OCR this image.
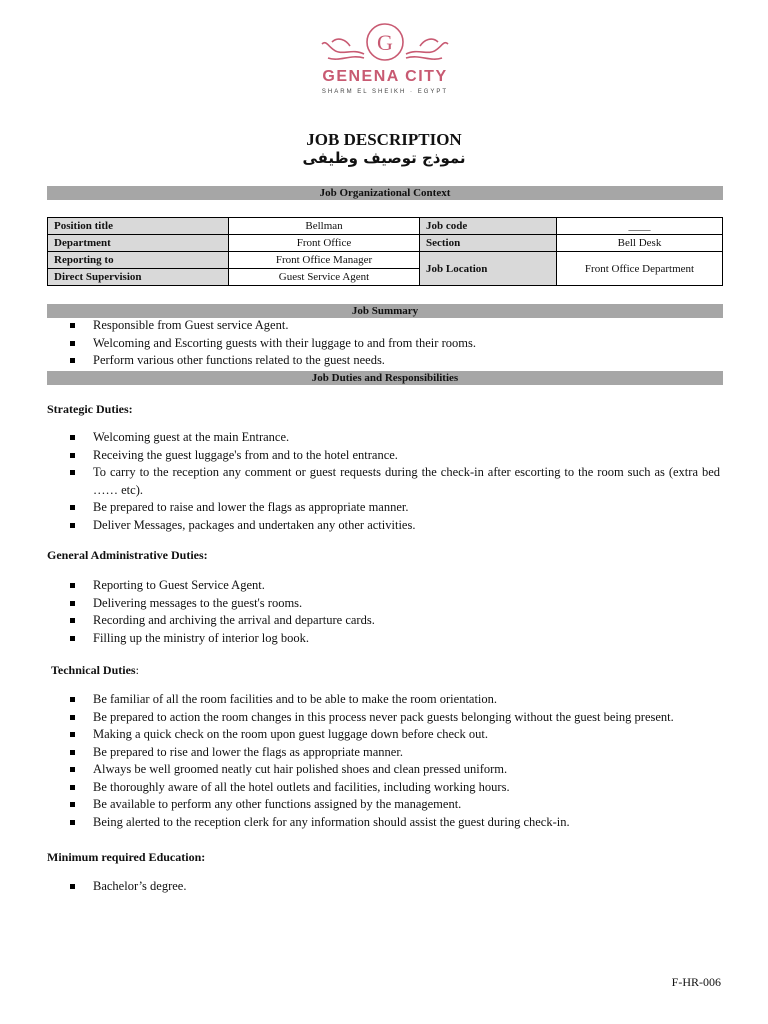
G
GENENA CITY
SHARM EL SHEIKH · EGYPT
JOB DESCRIPTION
نموذج توصيف وظيفى
Job Organizational Context
Position title	Bellman	Job code	____
Department	Front Office	Section	Bell Desk
Reporting to	Front Office Manager	Job Location	Front Office Department
Direct Supervision	Guest Service Agent		
Job Summary
Responsible from Guest service Agent.
Welcoming and Escorting guests with their luggage to and from their rooms.
Perform various other functions related to the guest needs.
Job Duties and Responsibilities
Strategic Duties:
Welcoming guest at the main Entrance.
Receiving the guest luggage's from and to the hotel entrance.
To carry to the reception any comment or guest requests during the check-in after escorting to the room such as (extra bed …… etc).
Be prepared to raise and lower the flags as appropriate manner.
Deliver Messages, packages and undertaken any other activities.
General Administrative Duties:
Reporting to Guest Service Agent.
Delivering messages to the guest's rooms.
Recording and archiving the arrival and departure cards.
Filling up the ministry of interior log book.
Technical Duties:
Be familiar of all the room facilities and to be able to make the room orientation.
Be prepared to action the room changes in this process never pack guests belonging without the guest being present.
Making a quick check on the room upon guest luggage down before check out.
Be prepared to rise and lower the flags as appropriate manner.
Always be well groomed neatly cut hair polished shoes and clean pressed uniform.
Be thoroughly aware of all the hotel outlets and facilities, including working hours.
Be available to perform any other functions assigned by the management.
Being alerted to the reception clerk for any information should assist the guest during check-in.
Minimum required Education:
Bachelor’s degree.
F-HR-006
